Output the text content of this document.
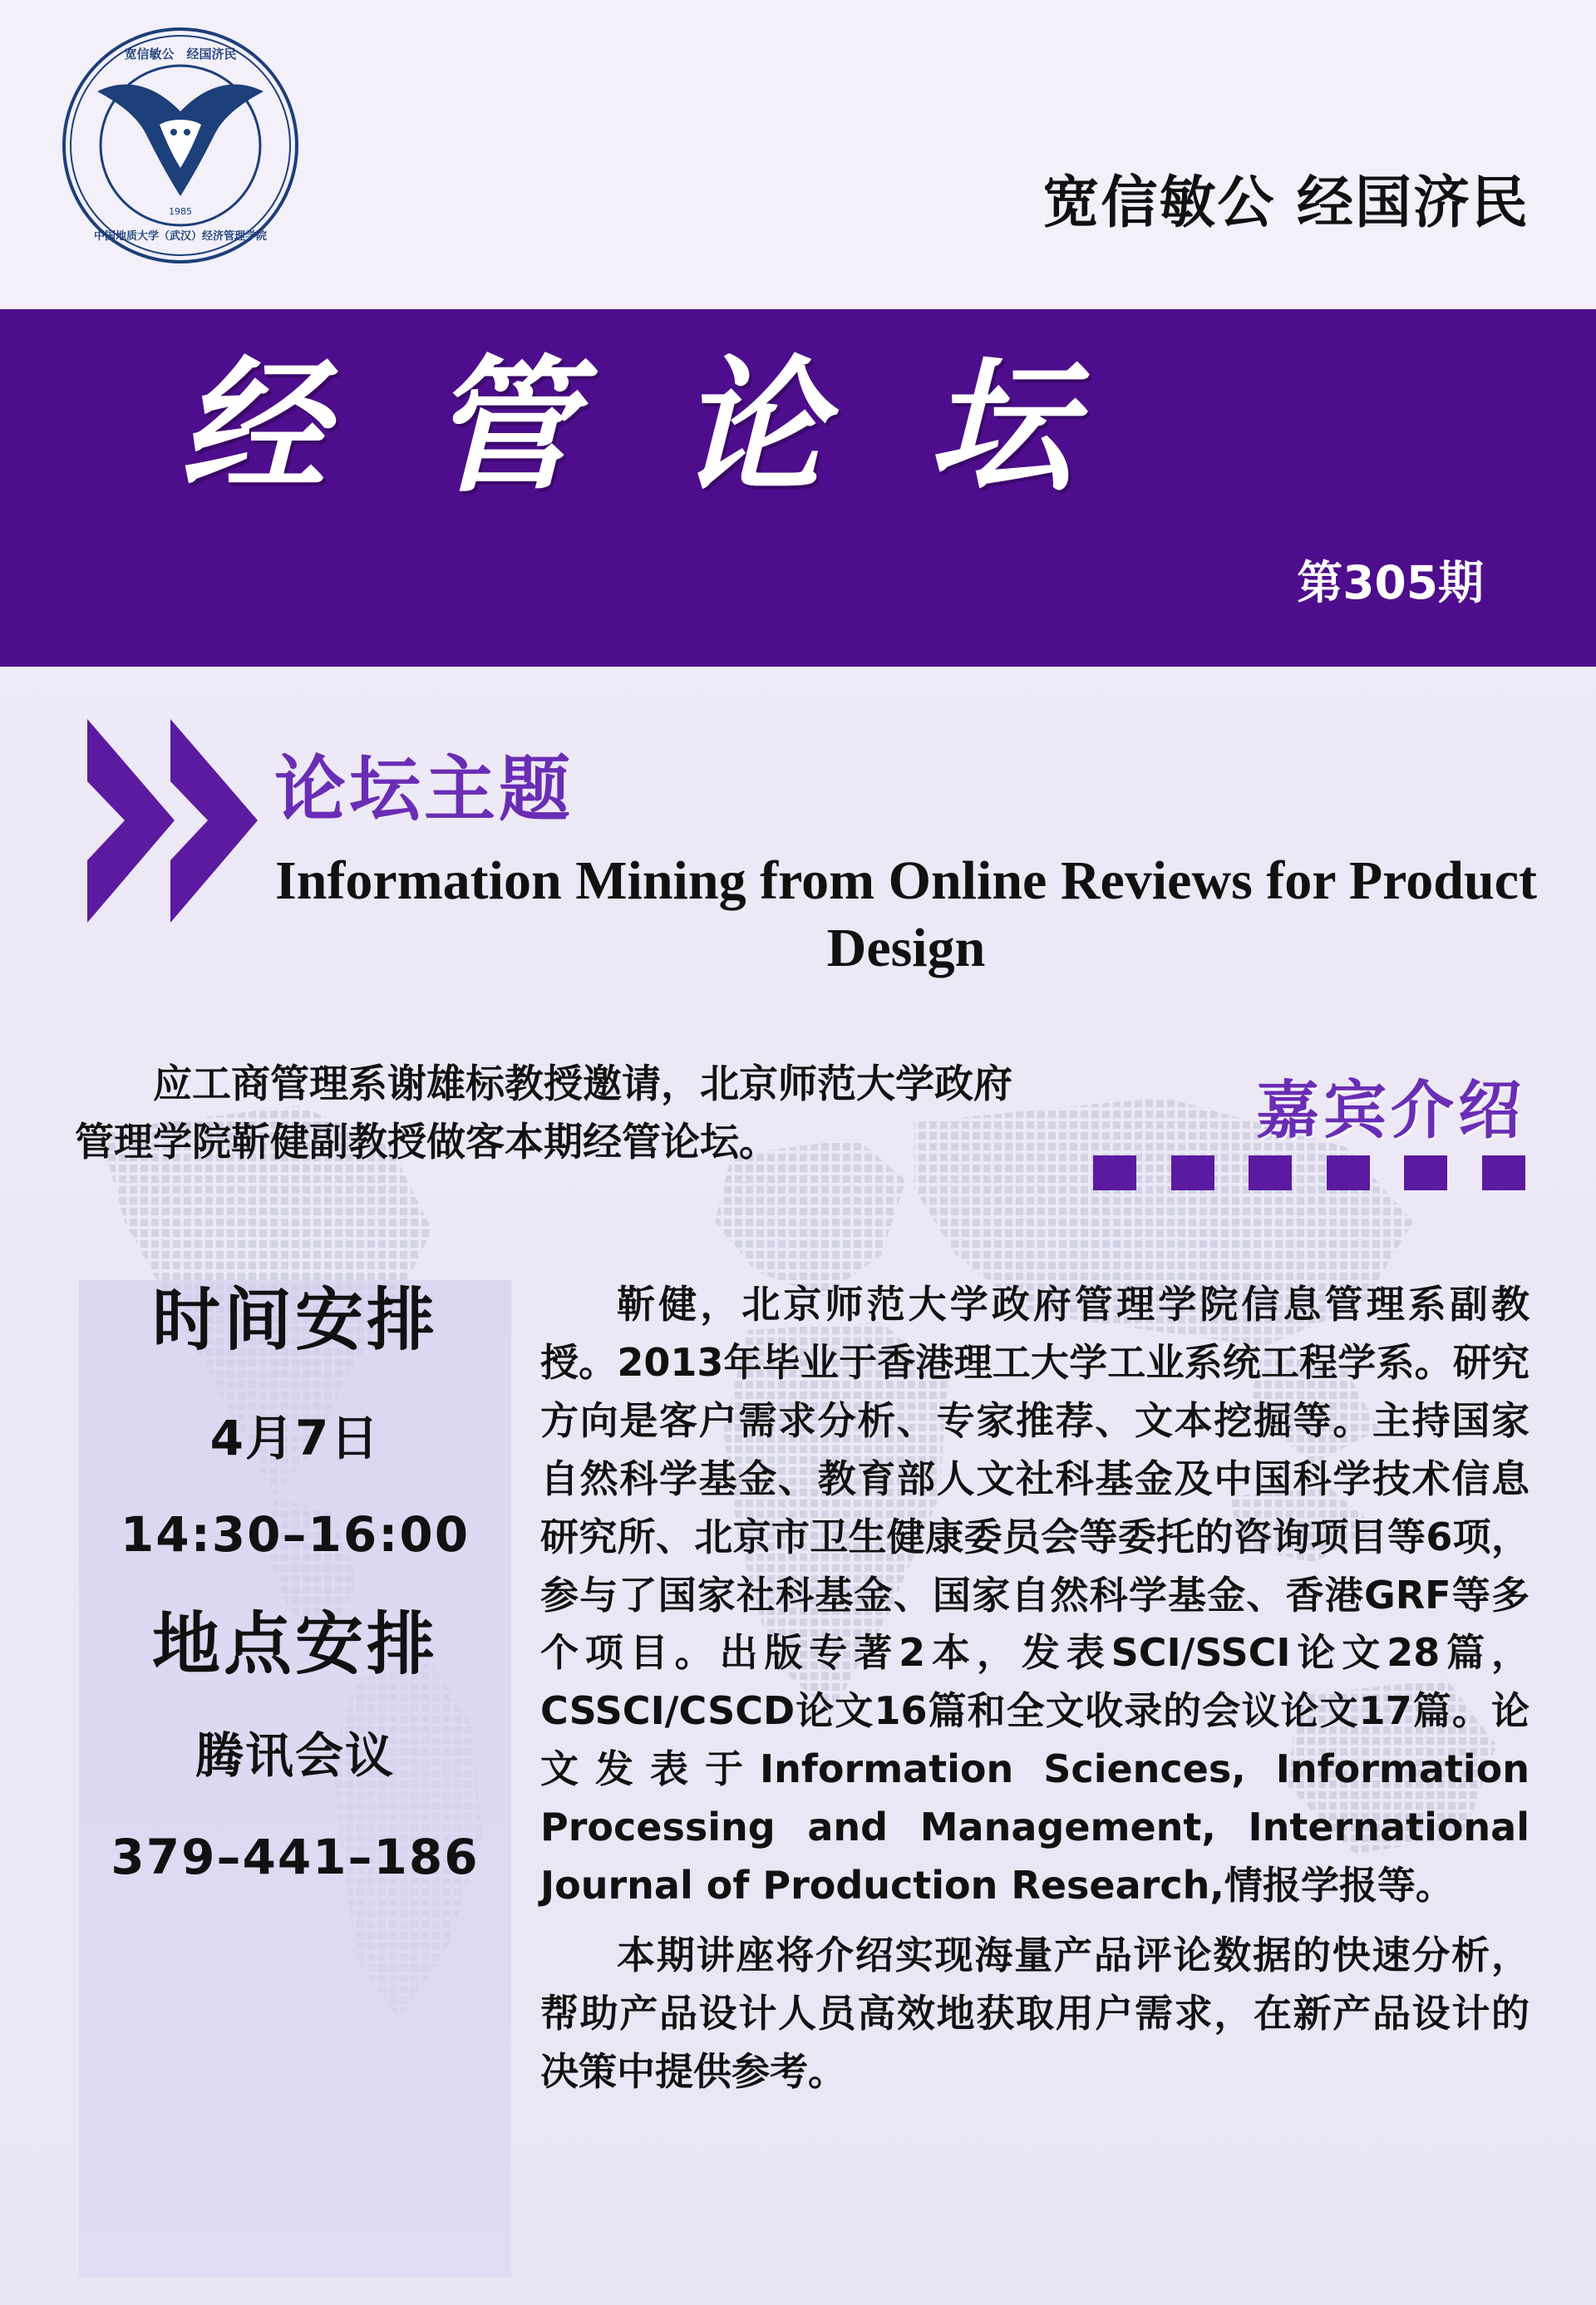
宽信敏公　经国济民
中国地质大学（武汉）经济管理学院
1985	宽信敏公 经国济民
经 管 论 坛
第305期
论坛主题
Information Mining from Online Reviews for Product Design
应工商管理系谢雄标教授邀请，北京师范大学政府管理学院靳健副教授做客本期经管论坛。	嘉宾介绍
时间安排
4月7日
14:30–16:00
地点安排
腾讯会议
379–441–186

靳健，北京师范大学政府管理学院信息管理系副教授。2013年毕业于香港理工大学工业系统工程学系。研究方向是客户需求分析、专家推荐、文本挖掘等。主持国家自然科学基金、教育部人文社科基金及中国科学技术信息研究所、北京市卫生健康委员会等委托的咨询项目等6项，参与了国家社科基金、国家自然科学基金、香港GRF等多个项目。出版专著2本，发表SCI/SSCI论文28篇，CSSCI/CSCD论文16篇和全文收录的会议论文17篇。论文发表于Information Sciences, Information Processing and Management, International Journal of Production Research,情报学报等。

本期讲座将介绍实现海量产品评论数据的快速分析，帮助产品设计人员高效地获取用户需求，在新产品设计的决策中提供参考。
